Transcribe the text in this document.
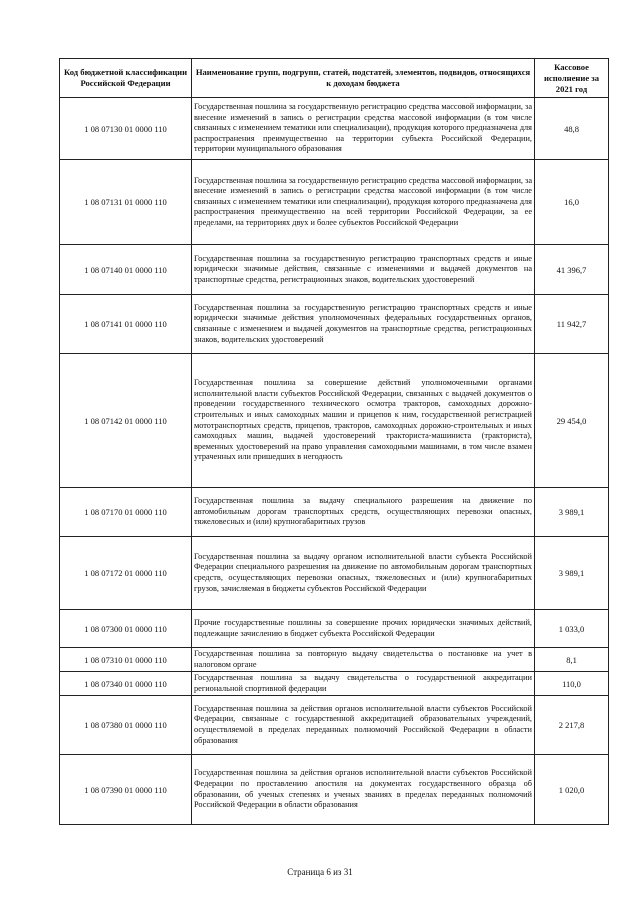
Код бюджетной классификации Российской Федерации	Наименование групп, подгрупп, статей, подстатей, элементов, подвидов, относящихся к доходам бюджета	Кассовое исполнение за 2021 год
1 08 07130 01 0000 110	Государственная пошлина за государственную регистрацию средства массовой информации, за внесение изменений в запись о регистрации средства массовой информации (в том числе связанных с изменением тематики или специализации), продукция которого предназначена для распространения преимущественно на территории субъекта Российской Федерации, территории муниципального образования	48,8
1 08 07131 01 0000 110	Государственная пошлина за государственную регистрацию средства массовой информации, за внесение изменений в запись о регистрации средства массовой информации (в том числе связанных с изменением тематики или специализации), продукция которого предназначена для распространения преимущественно на всей территории Российской Федерации, за ее пределами, на территориях двух и более субъектов Российской Федерации	16,0
1 08 07140 01 0000 110	Государственная пошлина за государственную регистрацию транспортных средств и иные юридически значимые действия, связанные с изменениями и выдачей документов на транспортные средства, регистрационных знаков, водительских удостоверений	41 396,7
1 08 07141 01 0000 110	Государственная пошлина за государственную регистрацию транспортных средств и иные юридически значимые действия уполномоченных федеральных государственных органов, связанные с изменением и выдачей документов на транспортные средства, регистрационных знаков, водительских удостоверений	11 942,7
1 08 07142 01 0000 110	Государственная пошлина за совершение действий уполномоченными органами исполнительной власти субъектов Российской Федерации, связанных с выдачей документов о проведении государственного технического осмотра тракторов, самоходных дорожно-строительных и иных самоходных машин и прицепов к ним, государственной регистрацией мототранспортных средств, прицепов, тракторов, самоходных дорожно-строительных и иных самоходных машин, выдачей удостоверений тракториста-машиниста (тракториста), временных удостоверений на право управления самоходными машинами, в том числе взамен утраченных или пришедших в негодность	29 454,0
1 08 07170 01 0000 110	Государственная пошлина за выдачу специального разрешения на движение по автомобильным дорогам транспортных средств, осуществляющих перевозки опасных, тяжеловесных и (или) крупногабаритных грузов	3 989,1
1 08 07172 01 0000 110	Государственная пошлина за выдачу органом исполнительной власти субъекта Российской Федерации специального разрешения на движение по автомобильным дорогам транспортных средств, осуществляющих перевозки опасных, тяжеловесных и (или) крупногабаритных грузов, зачисляемая в бюджеты субъектов Российской Федерации	3 989,1
1 08 07300 01 0000 110	Прочие государственные пошлины за совершение прочих юридически значимых действий, подлежащие зачислению в бюджет субъекта Российской Федерации	1 033,0
1 08 07310 01 0000 110	Государственная пошлина за повторную выдачу свидетельства о постановке на учет в налоговом органе	8,1
1 08 07340 01 0000 110	Государственная пошлина за выдачу свидетельства о государственной аккредитации региональной спортивной федерации	110,0
1 08 07380 01 0000 110	Государственная пошлина за действия органов исполнительной власти субъектов Российской Федерации, связанные с государственной аккредитацией образовательных учреждений, осуществляемой в пределах переданных полномочий Российской Федерации в области образования	2 217,8
1 08 07390 01 0000 110	Государственная пошлина за действия органов исполнительной власти субъектов Российской Федерации по проставлению апостиля на документах государственного образца об образовании, об ученых степенях и ученых званиях в пределах переданных полномочий Российской Федерации в области образования	1 020,0
Страница 6 из 31
